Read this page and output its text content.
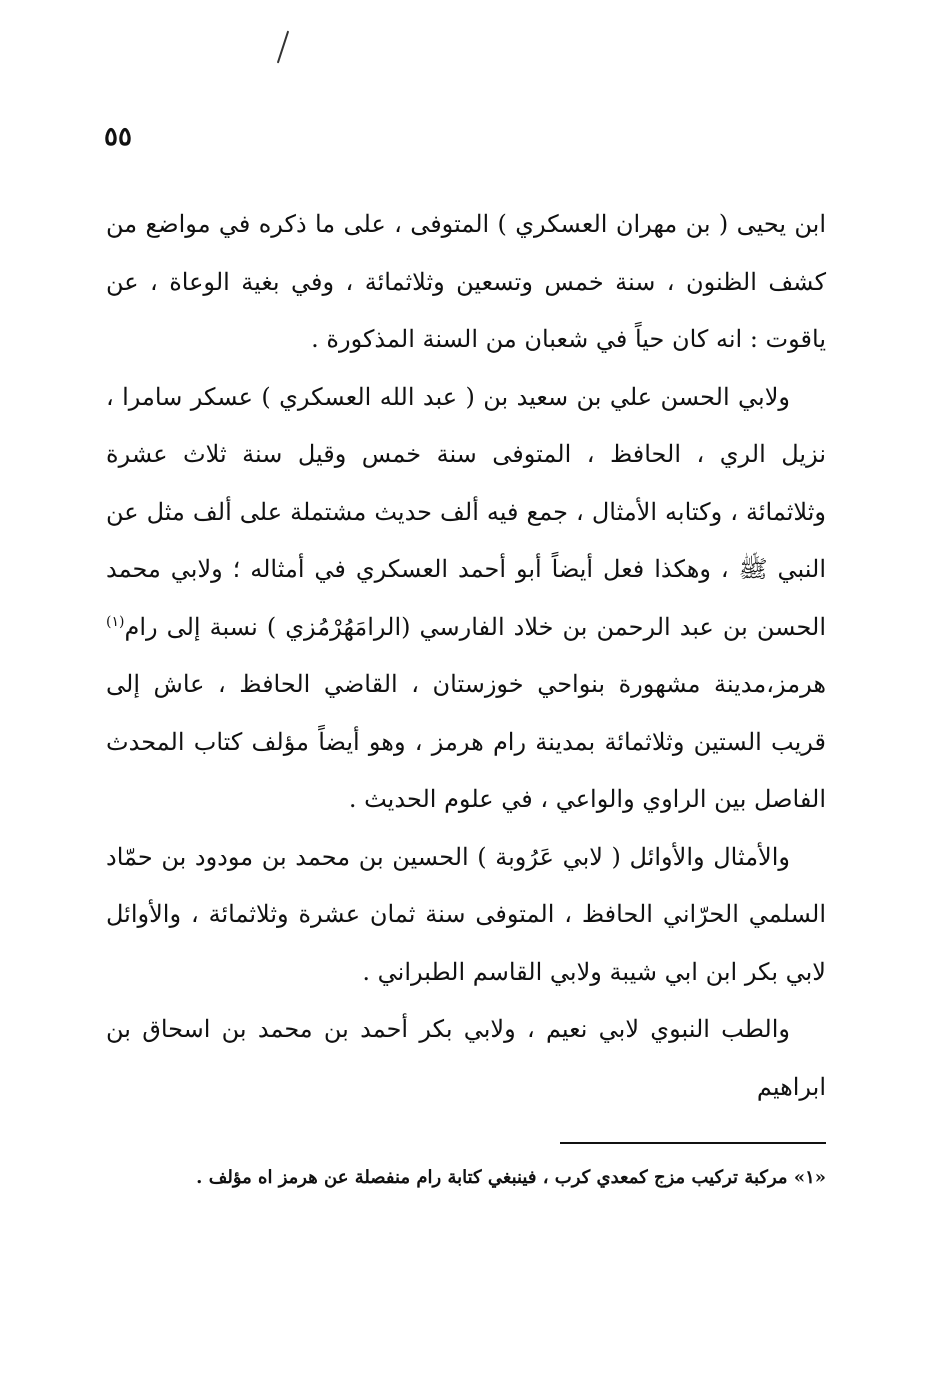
٥٥

ابن يحيى ( بن مهران العسكري ) المتوفى ، على ما ذكره في مواضع من كشف الظنون ، سنة خمس وتسعين وثلاثمائة ، وفي بغية الوعاة ، عن ياقوت : انه كان حياً في شعبان من السنة المذكورة .

ولابي الحسن علي بن سعيد بن ( عبد الله العسكري ) عسكر سامرا ، نزيل الري ، الحافظ ، المتوفى سنة خمس وقيل سنة ثلاث عشرة وثلاثمائة ، وكتابه الأمثال ، جمع فيه ألف حديث مشتملة على ألف مثل عن النبي ﷺ ، وهكذا فعل أيضاً أبو أحمد العسكري في أمثاله ؛ ولابي محمد الحسن بن عبد الرحمن بن خلاد الفارسي (الرامَهُرْمُزي ) نسبة إلى رام$^{(١)}$ هرمز،مدينة مشهورة بنواحي خوزستان ، القاضي الحافظ ، عاش إلى قريب الستين وثلاثمائة بمدينة رام هرمز ، وهو أيضاً مؤلف كتاب المحدث الفاصل بين الراوي والواعي ، في علوم الحديث .

والأمثال والأوائل ( لابي عَرُوبة ) الحسين بن محمد بن مودود بن حمّاد السلمي الحرّاني الحافظ ، المتوفى سنة ثمان عشرة وثلاثمائة ، والأوائل لابي بكر ابن ابي شيبة ولابي القاسم الطبراني .

والطب النبوي لابي نعيم ، ولابي بكر أحمد بن محمد بن اسحاق بن ابراهيم

«١» مركبة تركيب مزج كمعدي كرب ، فينبغي كتابة رام منفصلة عن هرمز اه مؤلف .
